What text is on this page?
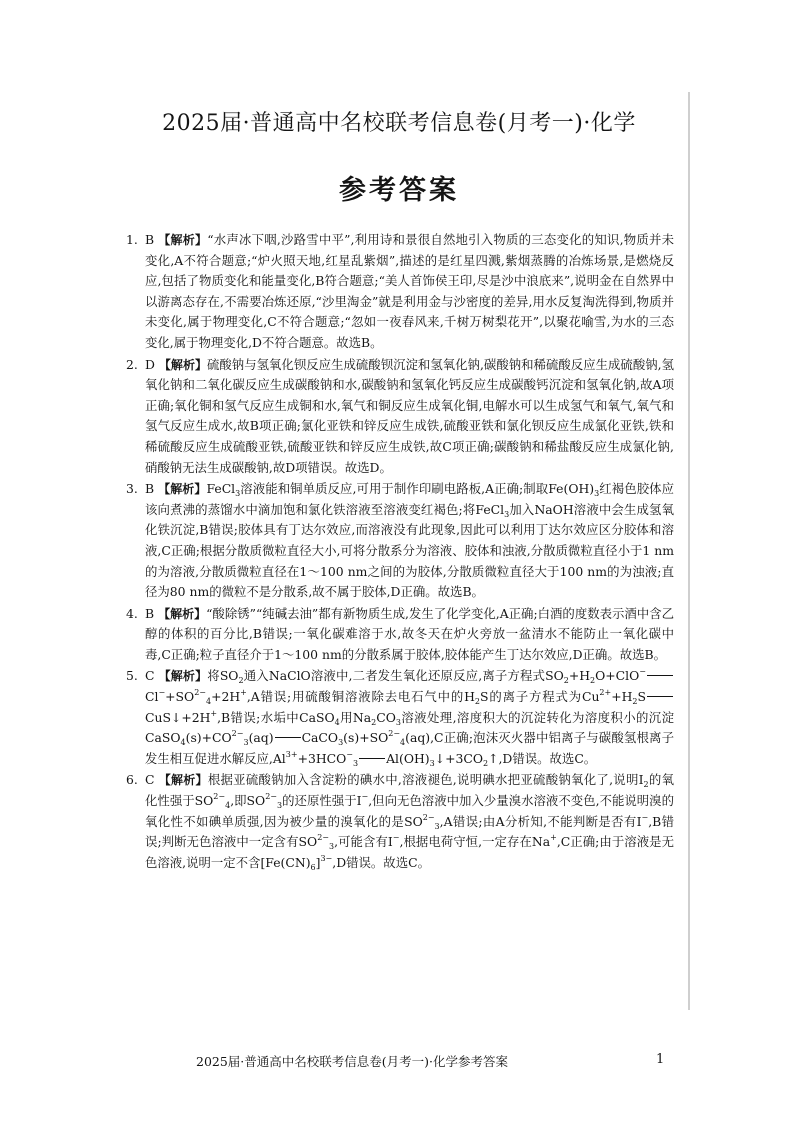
2025届·普通高中名校联考信息卷(月考一)·化学
参考答案
1. B 【解析】“水声冰下咽,沙路雪中平”,利用诗和景很自然地引入物质的三态变化的知识,物质并未变化,A不符合题意;“炉火照天地,红星乱紫烟”,描述的是红星四溅,紫烟蒸腾的冶炼场景,是燃烧反应,包括了物质变化和能量变化,B符合题意;“美人首饰侯王印,尽是沙中浪底来”,说明金在自然界中以游离态存在,不需要冶炼还原,“沙里淘金”就是利用金与沙密度的差异,用水反复淘洗得到,物质并未变化,属于物理变化,C不符合题意;“忽如一夜春风来,千树万树梨花开”,以聚花喻雪,为水的三态变化,属于物理变化,D不符合题意。故选B。
2. D 【解析】硫酸钠与氢氧化钡反应生成硫酸钡沉淀和氢氧化钠,碳酸钠和稀硫酸反应生成硫酸钠,氢氧化钠和二氧化碳反应生成碳酸钠和水,碳酸钠和氢氧化钙反应生成碳酸钙沉淀和氢氧化钠,故A项正确;氧化铜和氢气反应生成铜和水,氧气和铜反应生成氧化铜,电解水可以生成氢气和氧气,氧气和氢气反应生成水,故B项正确;氯化亚铁和锌反应生成铁,硫酸亚铁和氯化钡反应生成氯化亚铁,铁和稀硫酸反应生成硫酸亚铁,硫酸亚铁和锌反应生成铁,故C项正确;碳酸钠和稀盐酸反应生成氯化钠,硝酸钠无法生成碳酸钠,故D项错误。故选D。
3. B 【解析】FeCl$_3$溶液能和铜单质反应,可用于制作印刷电路板,A正确;制取$Fe(OH)_3$红褐色胶体应该向煮沸的蒸馏水中滴加饱和氯化铁溶液至溶液变红褐色;将FeCl$_3$加入NaOH溶液中会生成氢氧化铁沉淀,B错误;胶体具有丁达尔效应,而溶液没有此现象,因此可以利用丁达尔效应区分胶体和溶液,C正确;根据分散质微粒直径大小,可将分散系分为溶液、胶体和浊液,分散质微粒直径小于1 nm的为溶液,分散质微粒直径在1～100 nm之间的为胶体,分散质微粒直径大于100 nm的为浊液;直径为80 nm的微粒不是分散系,故不属于胶体,D正确。故选B。
4. B 【解析】“酸除锈”“纯碱去油”都有新物质生成,发生了化学变化,A正确;白酒的度数表示酒中含乙醇的体积的百分比,B错误;一氧化碳难溶于水,故冬天在炉火旁放一盆清水不能防止一氧化碳中毒,C正确;粒子直径介于1～100 nm的分散系属于胶体,胶体能产生丁达尔效应,D正确。故选B。
5. C 【解析】将$SO_2$通入NaClO溶液中,二者发生氧化还原反应,离子方程式$SO_2+H_2O+ClO^-Cl^-+SO^{2-}_4+2H^+,A$错误;用硫酸铜溶液除去电石气中的$H_2S$的离子方程式为$Cu^{2+}+H_2SCuS↓+2H^+,B$错误;水垢中CaSO$_4$用$Na_2CO_3$溶液处理,溶度积大的沉淀转化为溶度积小的沉淀$CaSO_4(s)+CO^{2-}_3(aq)$ $CaCO_3(s)+SO^{2-}_4(aq),C$正确;泡沫灭火器中铝离子与碳酸氢根离子发生相互促进水解反应$,Al^{3+}+3HCO^-_3$ $Al(OH)_3↓+3CO_2↑,D$错误。故选C。
6. C 【解析】根据亚硫酸钠加入含淀粉的碘水中,溶液褪色,说明碘水把亚硫酸钠氧化了,说明$I_2$的氧化性强于$SO^{2-}_4$,即$SO^{2-}_3$的还原性强于I−,但向无色溶液中加入少量溴水溶液不变色,不能说明溴的氧化性不如碘单质强,因为被少量的溴氧化的是$SO^{2-}_3,A$错误;由A分析知,不能判断是否有I−,B错误;判断无色溶液中一定含有$SO^{2-}_3$,可能含有I−,根据电荷守恒,一定存在Na+,C正确;由于溶液是无色溶液,说明一定不含$[Fe(CN)_6]^{3-},D$错误。故选C。
2025届·普通高中名校联考信息卷(月考一)·化学参考答案	1
